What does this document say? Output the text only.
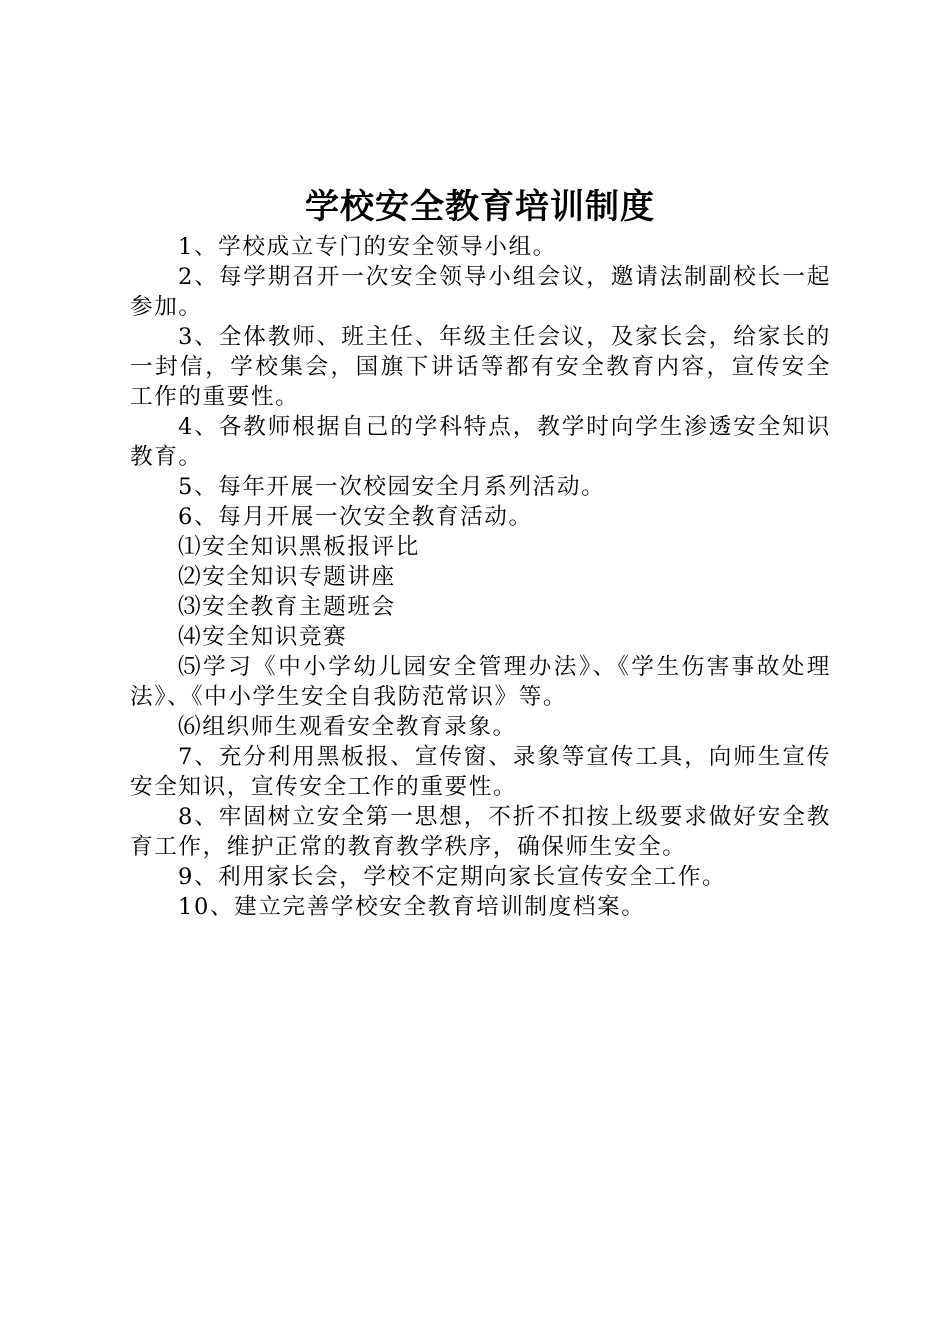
学校安全教育培训制度

1、学校成立专门的安全领导小组。

2、每学期召开一次安全领导小组会议，邀请法制副校长一起参加。

3、全体教师、班主任、年级主任会议，及家长会，给家长的一封信，学校集会，国旗下讲话等都有安全教育内容，宣传安全工作的重要性。

4、各教师根据自己的学科特点，教学时向学生渗透安全知识教育。

5、每年开展一次校园安全月系列活动。

6、每月开展一次安全教育活动。

⑴安全知识黑板报评比

⑵安全知识专题讲座

⑶安全教育主题班会

⑷安全知识竞赛

⑸学习《中小学幼儿园安全管理办法》、《学生伤害事故处理法》、《中小学生安全自我防范常识》等。

⑹组织师生观看安全教育录象。

7、充分利用黑板报、宣传窗、录象等宣传工具，向师生宣传安全知识，宣传安全工作的重要性。

8、牢固树立安全第一思想，不折不扣按上级要求做好安全教育工作，维护正常的教育教学秩序，确保师生安全。

9、利用家长会，学校不定期向家长宣传安全工作。

10、建立完善学校安全教育培训制度档案。
